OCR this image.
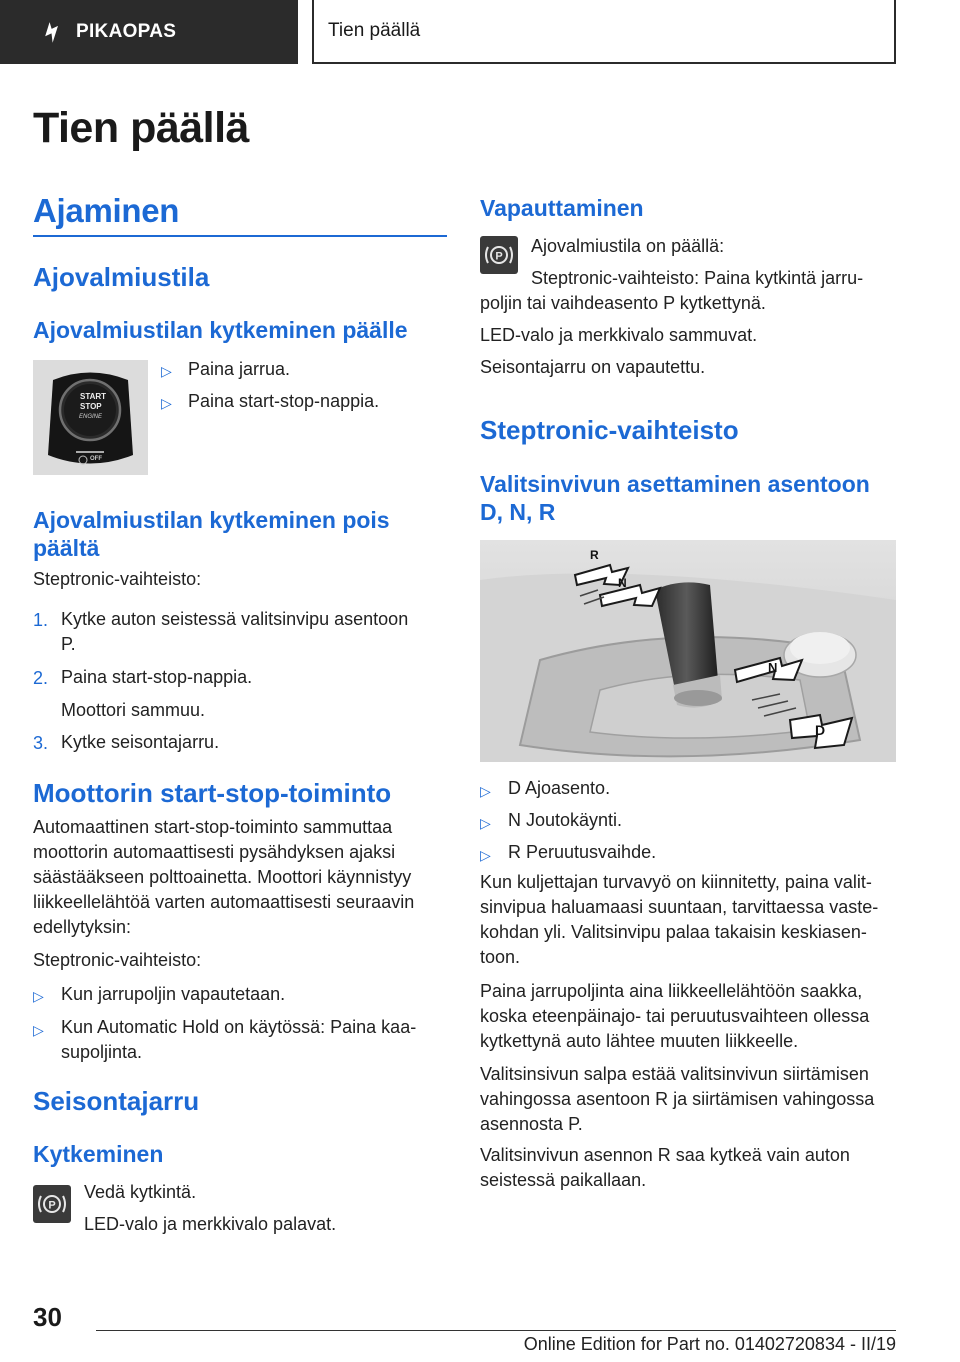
PIKAOPAS	Tien päällä
Tien päällä
Ajaminen
Ajovalmiustila
Ajovalmiustilan kytkeminen päälle
START
STOP
ENGINE
OFF
▷ Paina jarrua.
▷ Paina start-stop-nappia.
Ajovalmiustilan kytkeminen pois
päältä
Steptronic-vaihteisto:
1. Kytke auton seistessä valitsinvipu asentoon
P.
2. Paina start-stop-nappia.
Moottori sammuu.
3. Kytke seisontajarru.
Moottorin start-stop-toiminto
Automaattinen start-stop-toiminto sammuttaa
moottorin automaattisesti pysähdyksen ajaksi
säästääkseen polttoainetta. Moottori käynnistyy
liikkeellelähtöä varten automaattisesti seuraavin
edellytyksin:
Steptronic-vaihteisto:
▷ Kun jarrupoljin vapautetaan.
▷ Kun Automatic Hold on käytössä: Paina kaa-
supoljinta.
Seisontajarru
Kytkeminen
P
Vedä kytkintä.
LED-valo ja merkkivalo palavat.
Vapauttaminen
P
Ajovalmiustila on päällä:
Steptronic-vaihteisto: Paina kytkintä jarru-
poljin tai vaihdeasento P kytkettynä.
LED-valo ja merkkivalo sammuvat.
Seisontajarru on vapautettu.
Steptronic-vaihteisto
Valitsinvivun asettaminen asentoon
D, N, R
R
N
N
D
▷ D Ajoasento.
▷ N Joutokäynti.
▷ R Peruutusvaihde.
Kun kuljettajan turvavyö on kiinnitetty, paina valit-
sinvipua haluamaasi suuntaan, tarvittaessa vaste-
kohdan yli. Valitsinvipu palaa takaisin keskiasen-
toon.
Paina jarrupoljinta aina liikkeellelähtöön saakka,
koska eteenpäinajo- tai peruutusvaihteen ollessa
kytkettynä auto lähtee muuten liikkeelle.
Valitsinsivun salpa estää valitsinvivun siirtämisen
vahingossa asentoon R ja siirtämisen vahingossa
asennosta P.
Valitsinvivun asennon R saa kytkeä vain auton
seistessä paikallaan.
30
Online Edition for Part no. 01402720834 - II/19
